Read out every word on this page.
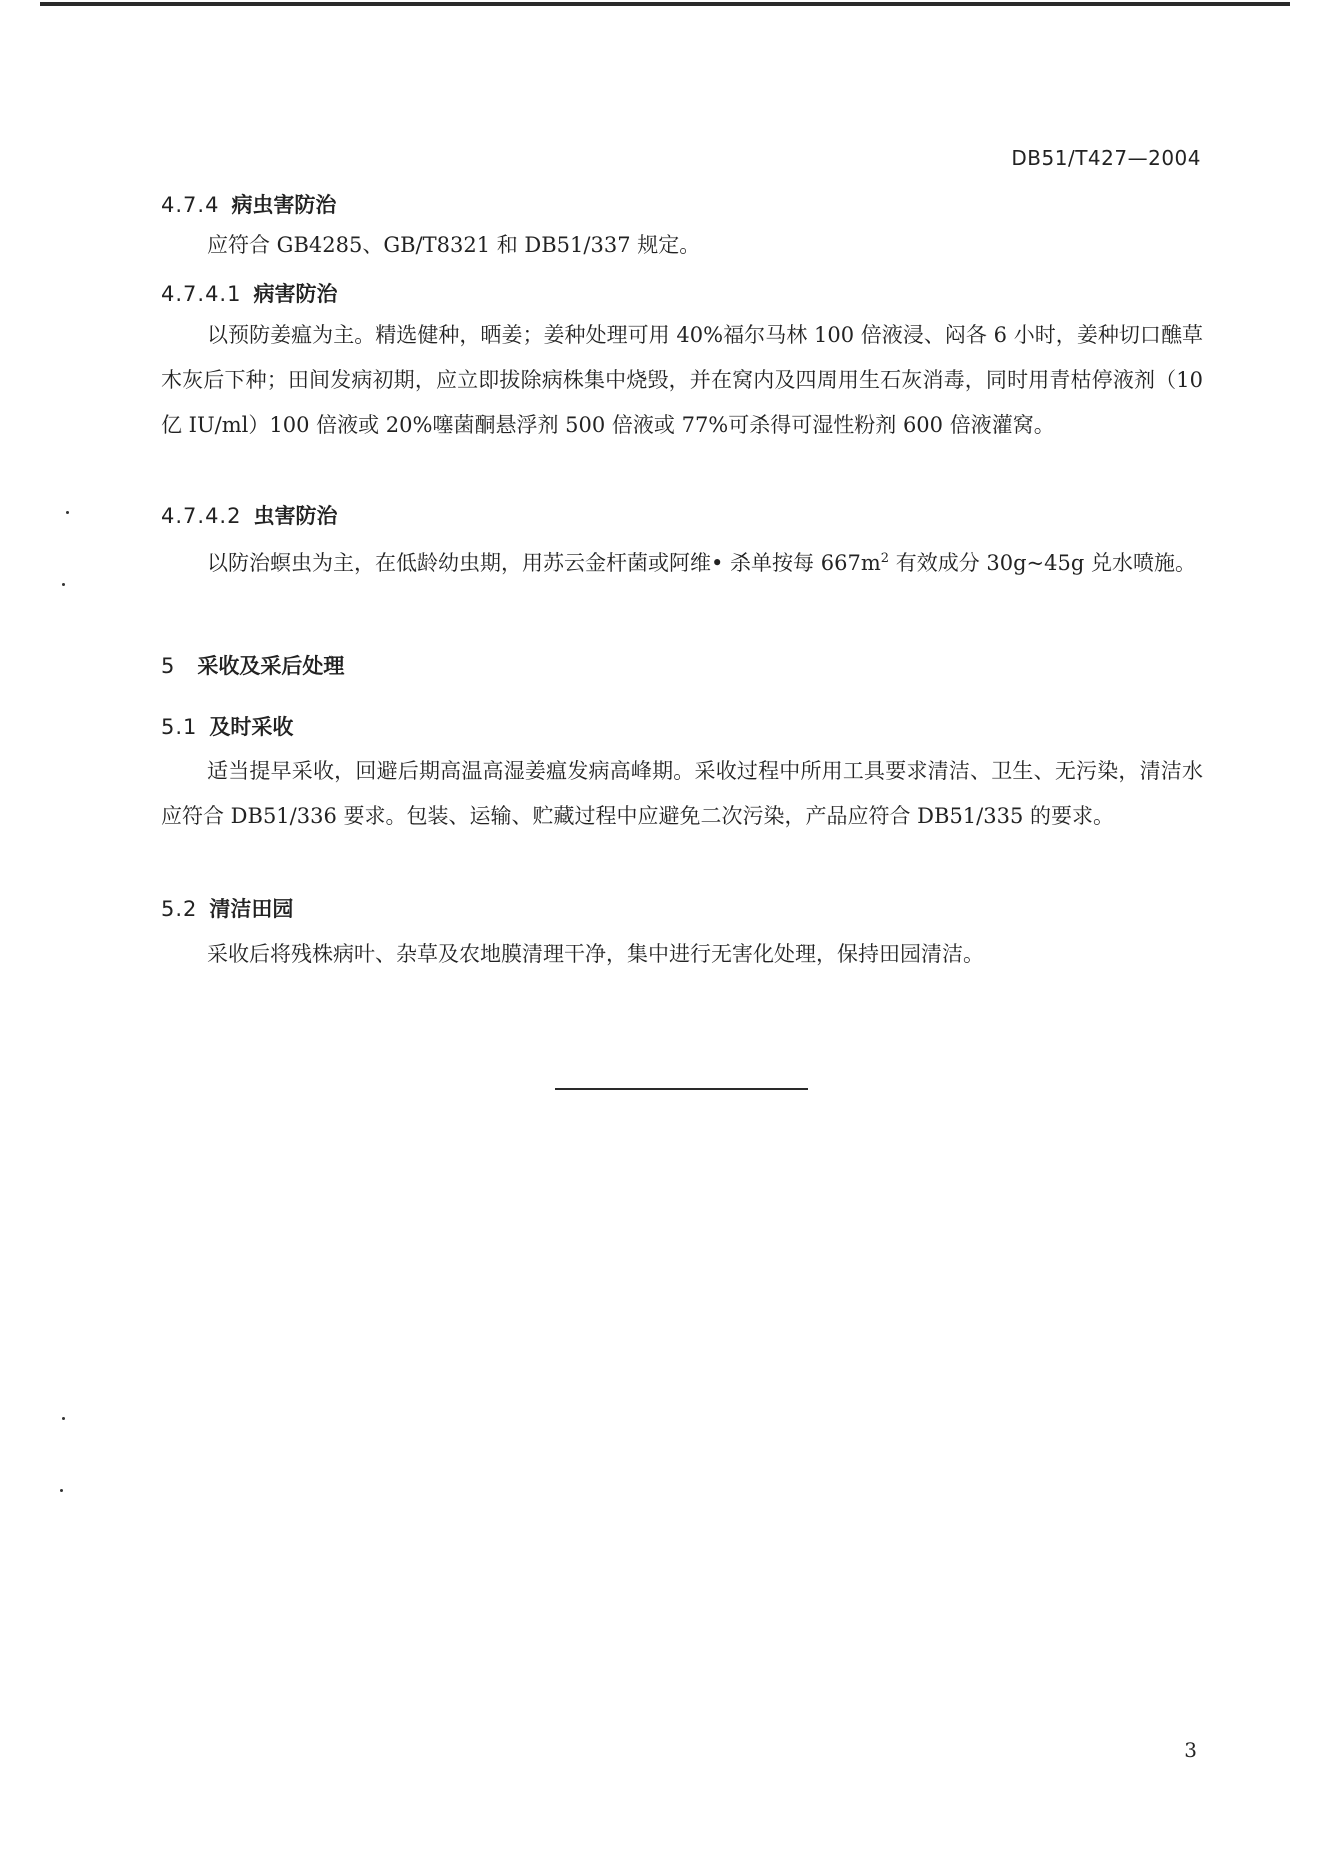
DB51/T427—2004
4.7.4 病虫害防治
应符合 GB4285、GB/T8321 和 DB51/337 规定。
4.7.4.1 病害防治
以预防姜瘟为主。精选健种，晒姜；姜种处理可用 40%福尔马林 100 倍液浸、闷各 6 小时，姜种切口醮草木灰后下种；田间发病初期，应立即拔除病株集中烧毁，并在窝内及四周用生石灰消毒，同时用青枯停液剂（10 亿 IU/ml）100 倍液或 20%噻菌酮悬浮剂 500 倍液或 77%可杀得可湿性粉剂 600 倍液灌窝。
4.7.4.2 虫害防治
以防治螟虫为主，在低龄幼虫期，用苏云金杆菌或阿维• 杀单按每 $667m^2$ 有效成分 30g~45g 兑水喷施。
5 采收及采后处理
5.1 及时采收
适当提早采收，回避后期高温高湿姜瘟发病高峰期。采收过程中所用工具要求清洁、卫生、无污染，清洁水应符合 DB51/336 要求。包装、运输、贮藏过程中应避免二次污染，产品应符合 DB51/335 的要求。
5.2 清洁田园
采收后将残株病叶、杂草及农地膜清理干净，集中进行无害化处理，保持田园清洁。
3
